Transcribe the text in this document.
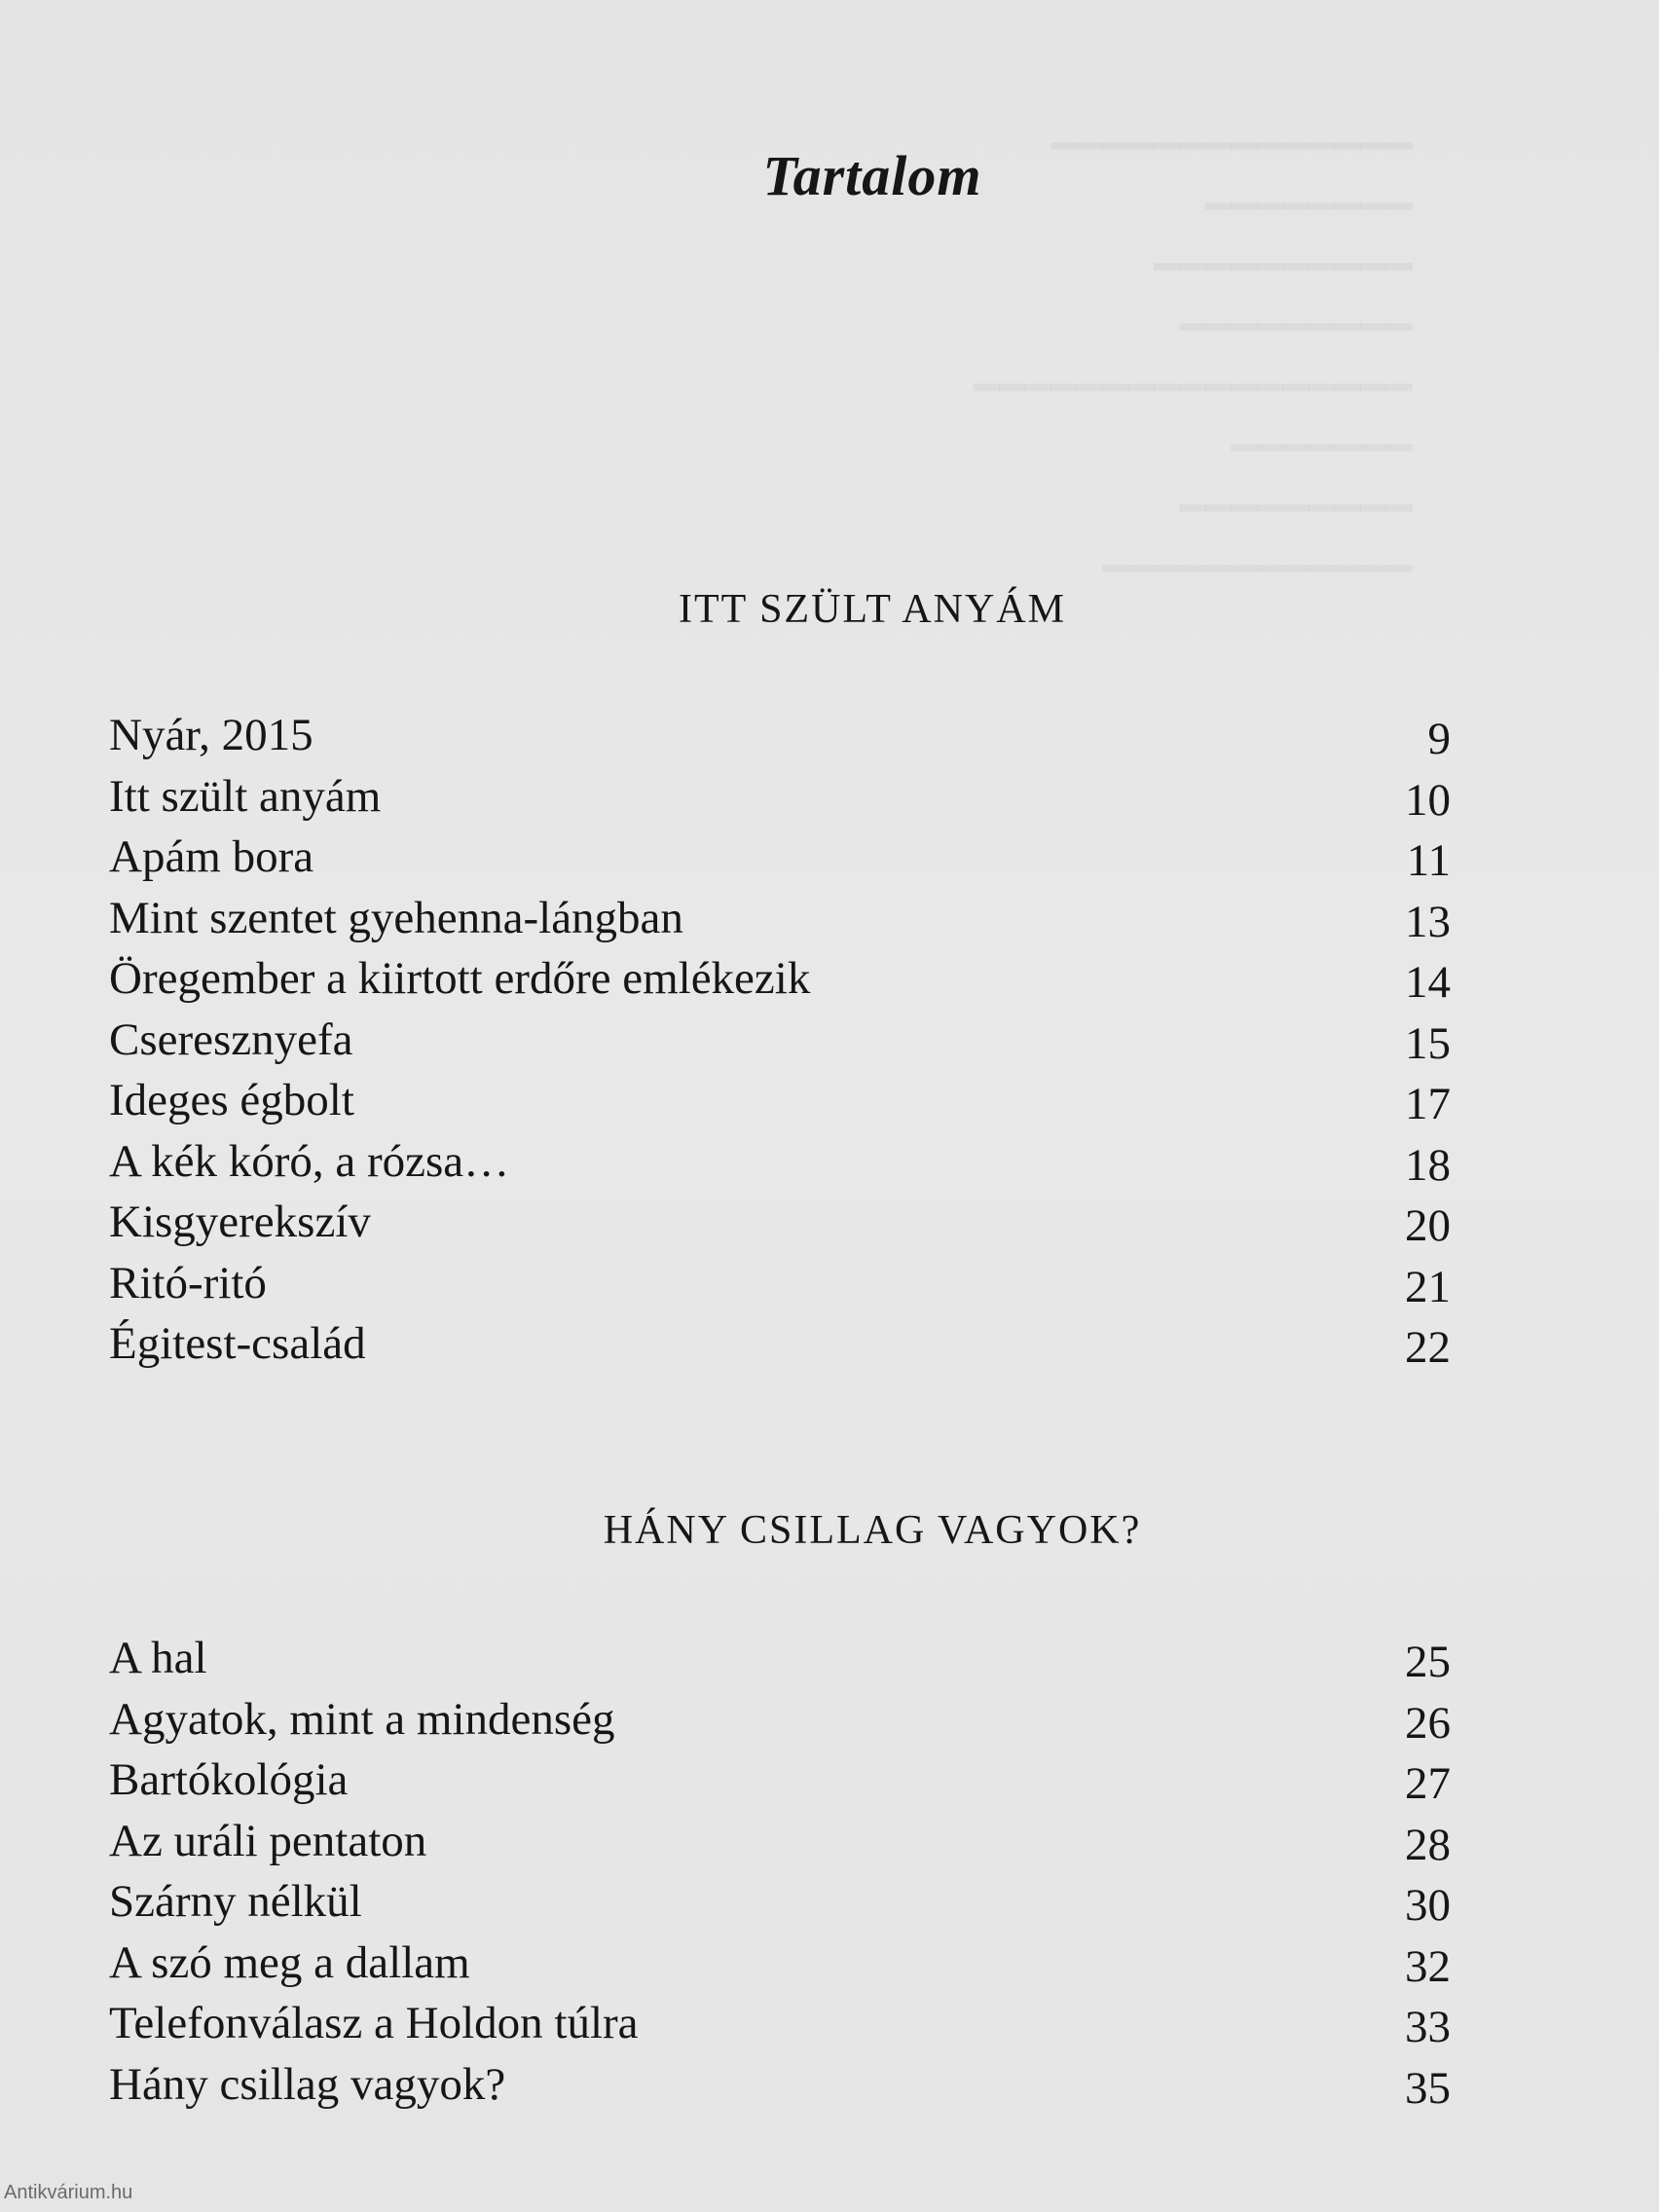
Tartalom
ITT SZÜLT ANYÁM
Nyár, 2015	9
Itt szült anyám	10
Apám bora	11
Mint szentet gyehenna-lángban	13
Öregember a kiirtott erdőre emlékezik	14
Cseresznyefa	15
Ideges égbolt	17
A kék kóró, a rózsa…	18
Kisgyerekszív	20
Ritó-ritó	21
Égitest-család	22
HÁNY CSILLAG VAGYOK?
A hal	25
Agyatok, mint a mindenség	26
Bartókológia	27
Az uráli pentaton	28
Szárny nélkül	30
A szó meg a dallam	32
Telefonválasz a Holdon túlra	33
Hány csillag vagyok?	35
Antikvárium.hu
